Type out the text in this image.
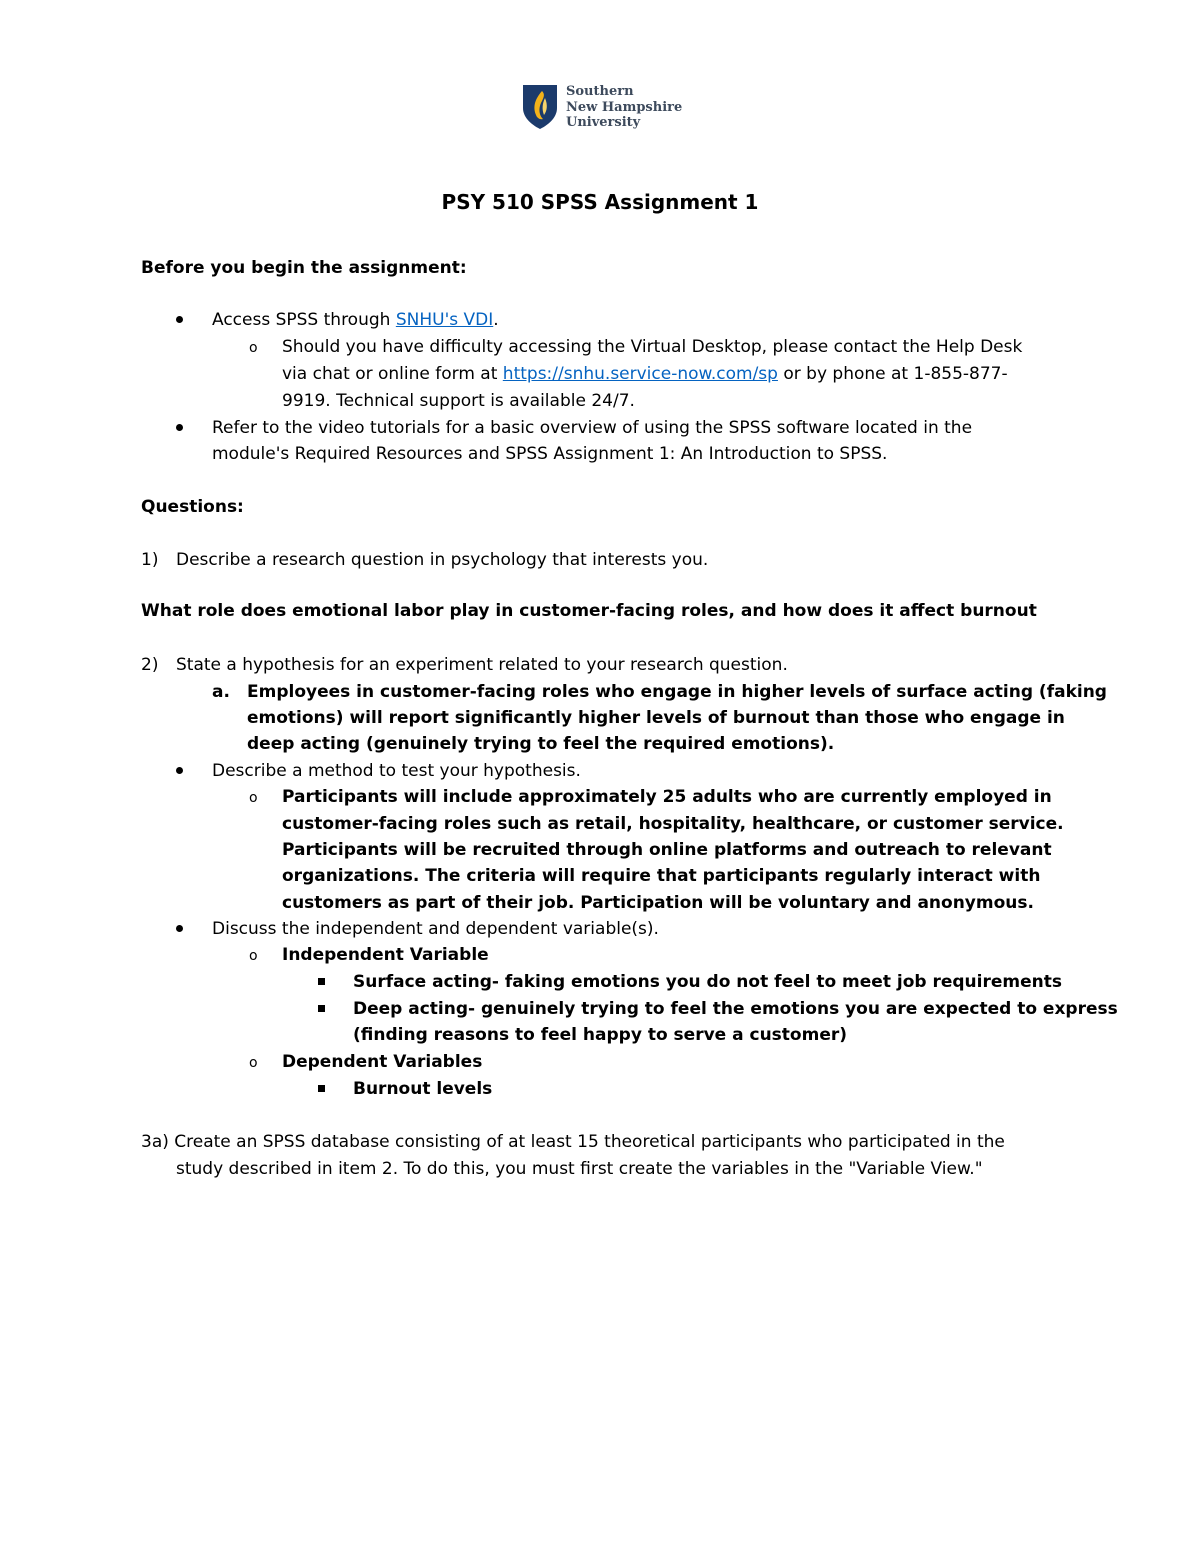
Southern
New Hampshire
University
PSY 510 SPSS Assignment 1
Before you begin the assignment:
Access SPSS through SNHU's VDI.
o Should you have difficulty accessing the Virtual Desktop, please contact the Help Desk
via chat or online form at https://snhu.service-now.com/sp or by phone at 1-855-877-
9919. Technical support is available 24/7.
Refer to the video tutorials for a basic overview of using the SPSS software located in the
module's Required Resources and SPSS Assignment 1: An Introduction to SPSS.
Questions:
1) Describe a research question in psychology that interests you.
What role does emotional labor play in customer-facing roles, and how does it affect burnout
2) State a hypothesis for an experiment related to your research question.
a. Employees in customer-facing roles who engage in higher levels of surface acting (faking
emotions) will report significantly higher levels of burnout than those who engage in
deep acting (genuinely trying to feel the required emotions).
Describe a method to test your hypothesis.
o Participants will include approximately 25 adults who are currently employed in
customer-facing roles such as retail, hospitality, healthcare, or customer service.
Participants will be recruited through online platforms and outreach to relevant
organizations. The criteria will require that participants regularly interact with
customers as part of their job. Participation will be voluntary and anonymous.
Discuss the independent and dependent variable(s).
o Independent Variable
Surface acting- faking emotions you do not feel to meet job requirements
Deep acting- genuinely trying to feel the emotions you are expected to express
(finding reasons to feel happy to serve a customer)
o Dependent Variables
Burnout levels
3a) Create an SPSS database consisting of at least 15 theoretical participants who participated in the
study described in item 2. To do this, you must first create the variables in the "Variable View."
